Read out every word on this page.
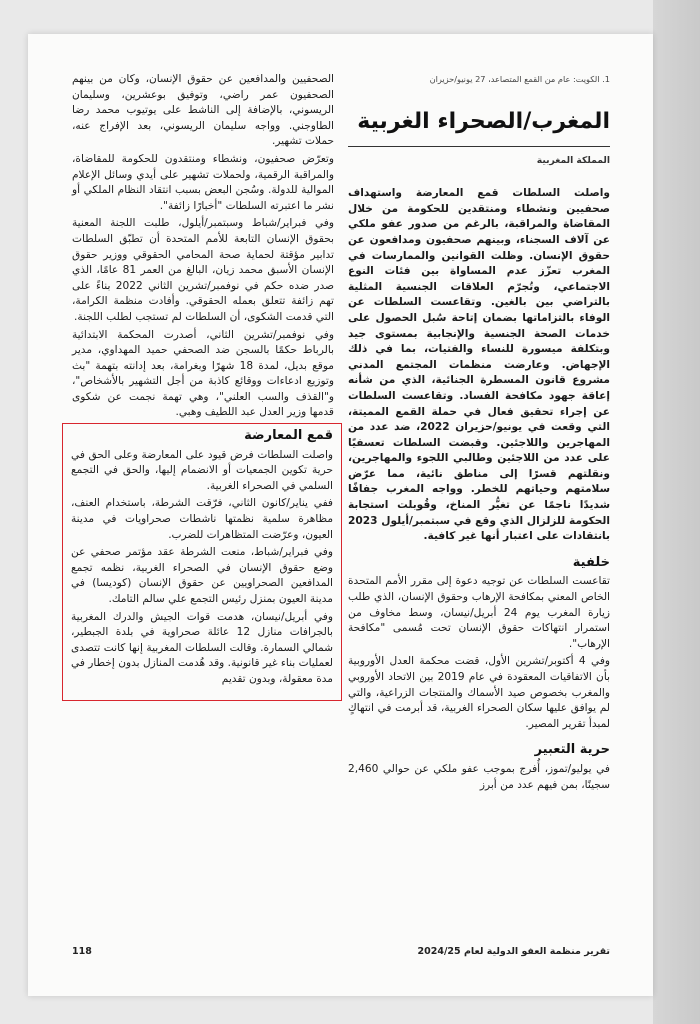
1. الكويت: عام من القمع المتصاعد، 27 يونيو/حزيران
المغرب/الصحراء الغربية
المملكة المغربية

واصلت السلطات قمع المعارضة واستهداف صحفيين ونشطاء ومنتقدين للحكومة من خلال المقاضاة والمراقبة، بالرغم من صدور عفو ملكي عن آلاف السجناء، وبينهم صحفيون ومدافعون عن حقوق الإنسان. وظلت القوانين والممارسات في المغرب تعزّز عدم المساواة بين فئات النوع الاجتماعي، وتُجرّم العلاقات الجنسية المثلية بالتراضي بين بالغين. وتقاعست السلطات عن الوفاء بالتزاماتها بضمان إتاحة سُبل الحصول على خدمات الصحة الجنسية والإنجابية بمستوى جيد وبتكلفة ميسورة للنساء والفتيات، بما في ذلك الإجهاض. وعارضت منظمات المجتمع المدني مشروع قانون المسطرة الجنائية، الذي من شأنه إعاقة جهود مكافحة الفساد. وتقاعست السلطات عن إجراء تحقيق فعال في حملة القمع المميتة، التي وقعت في يونيو/حزيران 2022، ضد عدد من المهاجرين واللاجئين. وقبضت السلطات تعسفيًا على عدد من اللاجئين وطالبي اللجوء والمهاجرين، ونقلتهم قسرًا إلى مناطق نائية، مما عرّض سلامتهم وحياتهم للخطر. وواجه المغرب جفافًا شديدًا ناجمًا عن تغيُّر المناخ، وقُوبلت استجابة الحكومة للزلزال الذي وقع في سبتمبر/أيلول 2023 بانتقادات على اعتبار أنها غير كافية.

خلفية

تقاعست السلطات عن توجيه دعوة إلى مقرر الأمم المتحدة الخاص المعني بمكافحة الإرهاب وحقوق الإنسان، الذي طلب زيارة المغرب يوم 24 أبريل/نيسان، وسط مخاوف من استمرار انتهاكات حقوق الإنسان تحت مُسمى "مكافحة الإرهاب".

وفي 4 أكتوبر/تشرين الأول، قضت محكمة العدل الأوروبية بأن الاتفاقيات المعقودة في عام 2019 بين الاتحاد الأوروبي والمغرب بخصوص صيد الأسماك والمنتجات الزراعية، والتي لم يوافق عليها سكان الصحراء الغربية، قد أبرمت في انتهاكٍ لمبدأ تقرير المصير.

حرية التعبير

في يوليو/تموز، أُفرج بموجب عفو ملكي عن حوالي 2,460 سجينًا، بمن فيهم عدد من أبرز

الصحفيين والمدافعين عن حقوق الإنسان، وكان من بينهم الصحفيون عمر راضي، وتوفيق بوعشرين، وسليمان الريسوني، بالإضافة إلى الناشط على يوتيوب محمد رضا الطاوجني. وواجه سليمان الريسوني، بعد الإفراج عنه، حملات تشهير.

وتعرّض صحفيون، ونشطاء ومنتقدون للحكومة للمقاضاة، والمراقبة الرقمية، ولحملات تشهير على أيدي وسائل الإعلام الموالية للدولة. وسُجن البعض بسبب انتقاد النظام الملكي أو نشر ما اعتبرته السلطات "أخبارًا زائفة".

وفي فبراير/شباط وسبتمبر/أيلول، طلبت اللجنة المعنية بحقوق الإنسان التابعة للأمم المتحدة أن تطبّق السلطات تدابير مؤقتة لحماية صحة المحامي الحقوقي ووزير حقوق الإنسان الأسبق محمد زيان، البالغ من العمر 81 عامًا، الذي صدر ضده حكم في نوفمبر/تشرين الثاني 2022 بناءً على تهم زائفة تتعلق بعمله الحقوقي. وأفادت منظمة الكرامة، التي قدمت الشكوى، أن السلطات لم تستجب لطلب اللجنة.

وفي نوفمبر/تشرين الثاني، أصدرت المحكمة الابتدائية بالرباط حكمًا بالسجن ضد الصحفي حميد المهداوي، مدير موقع بديل، لمدة 18 شهرًا وبغرامة، بعد إدانته بتهمة "بث وتوزيع ادعاءات ووقائع كاذبة من أجل التشهير بالأشخاص"، و"القذف والسب العلني"، وهي تهمة نجمت عن شكوى قدمها وزير العدل عبد اللطيف وهبي.

قمع المعارضة

واصلت السلطات فرض قيود على المعارضة وعلى الحق في حرية تكوين الجمعيات أو الانضمام إليها، والحق في التجمع السلمي في الصحراء الغربية.

ففي يناير/كانون الثاني، فرّقت الشرطة، باستخدام العنف، مظاهرة سلمية نظمتها ناشطات صحراويات في مدينة العيون، وعرّضت المتظاهرات للضرب.

وفي فبراير/شباط، منعت الشرطة عقد مؤتمر صحفي عن وضع حقوق الإنسان في الصحراء الغربية، نظمه تجمع المدافعين الصحراويين عن حقوق الإنسان (كوديسا) في مدينة العيون بمنزل رئيس التجمع علي سالم التامك.

وفي أبريل/نيسان، هدمت قوات الجيش والدرك المغربية بالجرافات منازل 12 عائلة صحراوية في بلدة الجبطير، شمالي السمارة. وقالت السلطات المغربية إنها كانت تتصدى لعمليات بناء غير قانونية. وقد هُدمت المنازل بدون إخطار في مدة معقولة، وبدون تقديم

تقرير منظمة العفو الدولية لعام 2024/25
118
